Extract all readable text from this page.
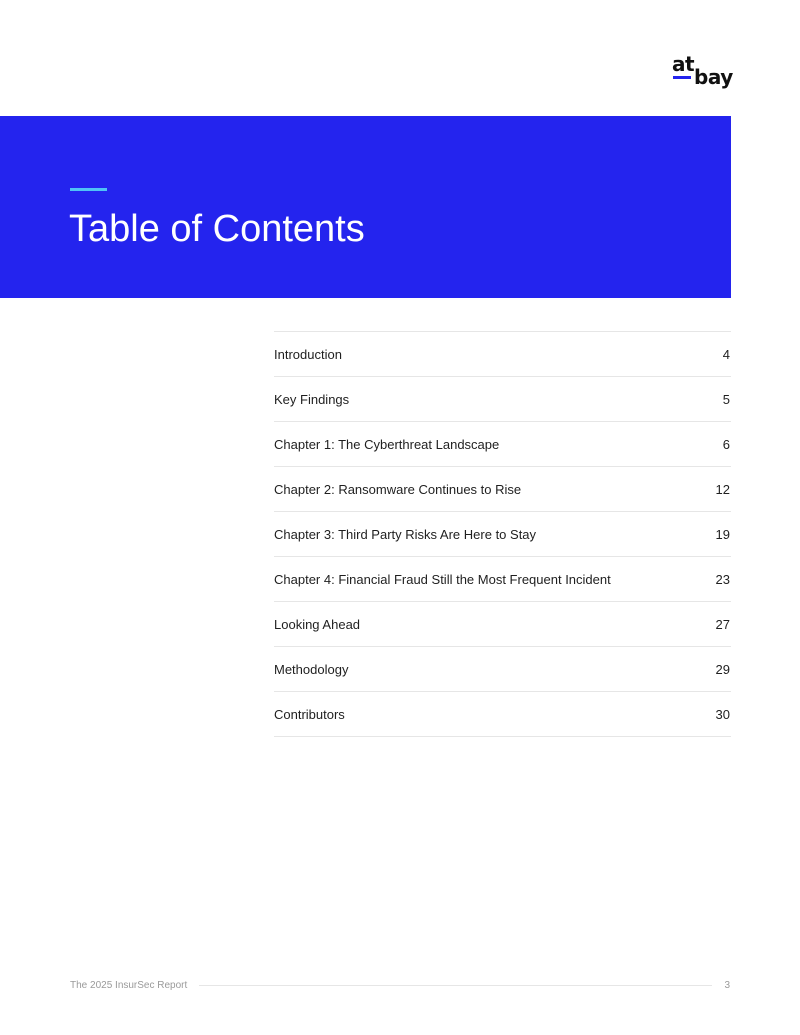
at
bay
Table of Contents
Introduction	4
Key Findings	5
Chapter 1: The Cyberthreat Landscape	6
Chapter 2: Ransomware Continues to Rise	12
Chapter 3: Third Party Risks Are Here to Stay	19
Chapter 4: Financial Fraud Still the Most Frequent Incident	23
Looking Ahead	27
Methodology	29
Contributors	30
The 2025 InsurSec Report	3
